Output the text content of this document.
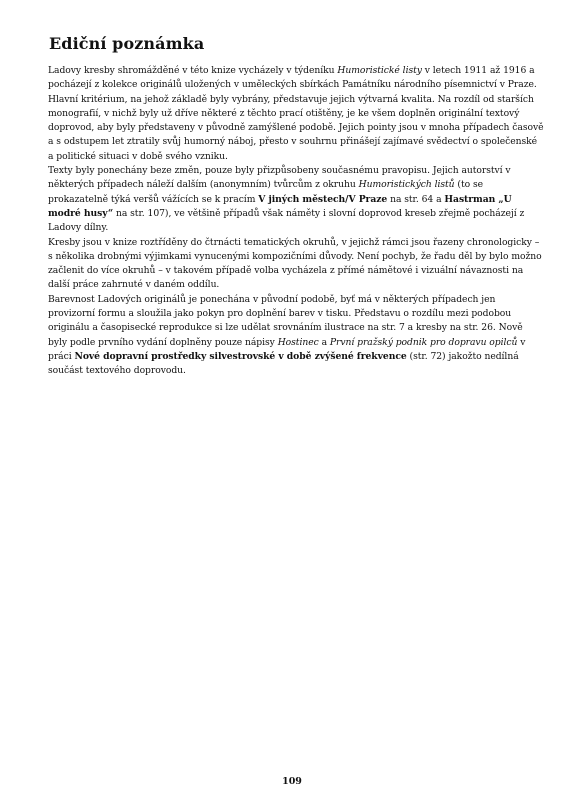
Ediční poznámka

Ladovy kresby shromážděné v této knize vycházely v týdeníku Humoristické listy v letech 1911 až 1916 a pocházejí z kolekce originálů uložených v uměleckých sbírkách Památníku národního písemnictví v Praze. Hlavní kritérium, na jehož základě byly vybrány, představuje jejich výtvarná kvalita. Na rozdíl od starších monografií, v nichž byly už dříve některé z těchto prací otištěny, je ke všem doplněn originální textový doprovod, aby byly představeny v původně zamýšlené podobě. Jejich pointy jsou v mnoha případech časově a s odstupem let ztratily svůj humorný náboj, přesto v souhrnu přinášejí zajímavé svědectví o společenské a politické situaci v době svého vzniku.

Texty byly ponechány beze změn, pouze byly přizpůsobeny současnému pravopisu. Jejich autorství v některých případech náleží dalším (anonymním) tvůrcům z okruhu Humoristických listů (to se prokazatelně týká veršů vážících se k pracím V jiných městech/V Praze na str. 64 a Hastrman „U modré husy“ na str. 107), ve většině případů však náměty i slovní doprovod kreseb zřejmě pocházejí z Ladovy dílny.

Kresby jsou v knize roztříděny do čtrnácti tematických okruhů, v jejichž rámci jsou řazeny chronologicky – s několika drobnými výjimkami vynucenými kompozičními důvody. Není pochyb, že řadu děl by bylo možno začlenit do více okruhů – v takovém případě volba vycházela z přímé námětové i vizuální návaznosti na další práce zahrnuté v daném oddílu.

Barevnost Ladových originálů je ponechána v původní podobě, byť má v některých případech jen provizorní formu a sloužila jako pokyn pro doplnění barev v tisku. Představu o rozdílu mezi podobou originálu a časopisecké reprodukce si lze udělat srovnáním ilustrace na str. 7 a kresby na str. 26. Nově byly podle prvního vydání doplněny pouze nápisy Hostinec a První pražský podnik pro dopravu opilců v práci Nové dopravní prostředky silvestrovské v době zvýšené frekvence (str. 72) jakožto nedílná součást textového doprovodu.

109
